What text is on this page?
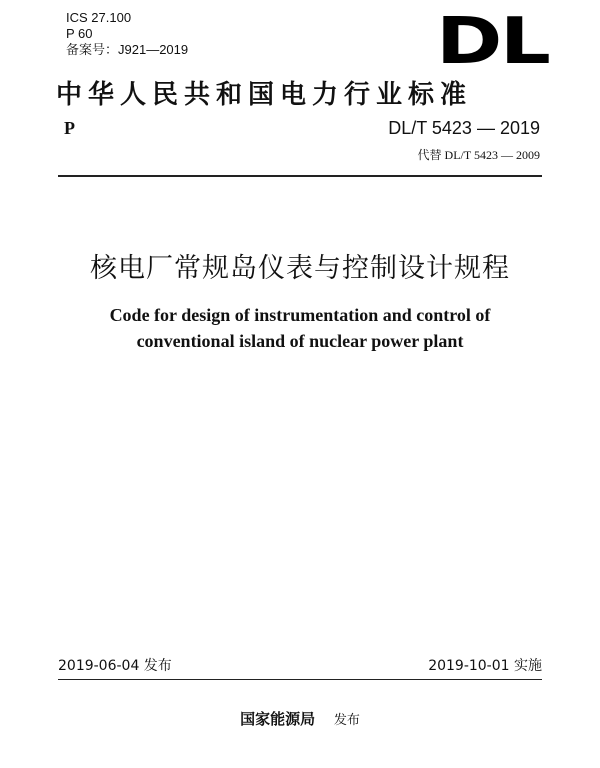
ICS 27.100
P 60
备案号：J921—2019	DL
中华人民共和国电力行业标准
P	DL/T 5423 — 2019
代替 DL/T 5423 — 2009
核电厂常规岛仪表与控制设计规程
Code for design of instrumentation and control of
conventional island of nuclear power plant
2019-06-04 发布	2019-10-01 实施
国家能源局 发布
